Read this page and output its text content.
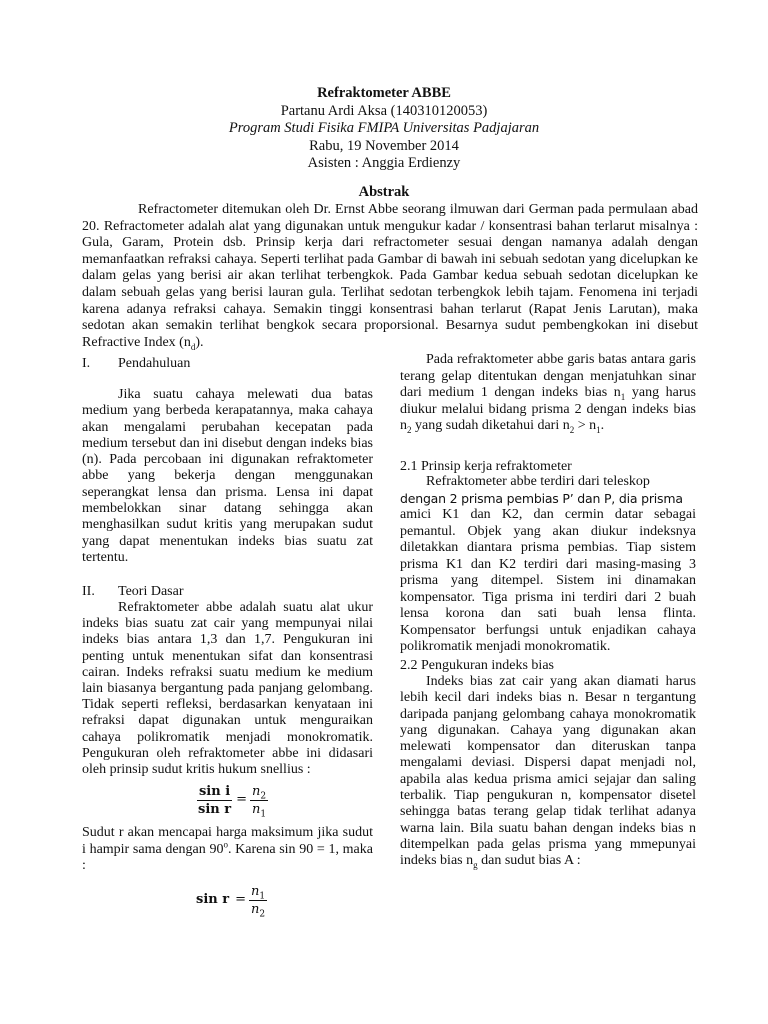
Refraktometer ABBE
Partanu Ardi Aksa (140310120053)
Program Studi Fisika FMIPA Universitas Padjajaran
Rabu, 19 November 2014
Asisten : Anggia Erdienzy
Abstrak

Refractometer ditemukan oleh Dr. Ernst Abbe seorang ilmuwan dari German pada permulaan abad 20. Refractometer adalah alat yang digunakan untuk mengukur kadar / konsentrasi bahan terlarut misalnya : Gula, Garam, Protein dsb. Prinsip kerja dari refractometer sesuai dengan namanya adalah dengan memanfaatkan refraksi cahaya. Seperti terlihat pada Gambar di bawah ini sebuah sedotan yang dicelupkan ke dalam gelas yang berisi air akan terlihat terbengkok. Pada Gambar kedua sebuah sedotan dicelupkan ke dalam sebuah gelas yang berisi lauran gula. Terlihat sedotan terbengkok lebih tajam. Fenomena ini terjadi karena adanya refraksi cahaya. Semakin tinggi konsentrasi bahan terlarut (Rapat Jenis Larutan), maka sedotan akan semakin terlihat bengkok secara proporsional. Besarnya sudut pembengkokan ini disebut Refractive Index $(n_d)$.

I.	Pendahuluan

Jika suatu cahaya melewati dua batas medium yang berbeda kerapatannya, maka cahaya akan mengalami perubahan kecepatan pada medium tersebut dan ini disebut dengan indeks bias (n). Pada percobaan ini digunakan refraktometer abbe yang bekerja dengan menggunakan seperangkat lensa dan prisma. Lensa ini dapat membelokkan sinar datang sehingga akan menghasilkan sudut kritis yang merupakan sudut yang dapat menentukan indeks bias suatu zat tertentu.

II.	Teori Dasar

Refraktometer abbe adalah suatu alat ukur indeks bias suatu zat cair yang mempunyai nilai indeks bias antara 1,3 dan 1,7. Pengukuran ini penting untuk menentukan sifat dan konsentrasi cairan. Indeks refraksi suatu medium ke medium lain biasanya bergantung pada panjang gelombang. Tidak seperti refleksi, berdasarkan kenyataan ini refraksi dapat digunakan untuk menguraikan cahaya polikromatik menjadi monokromatik. Pengukuran oleh refraktometer abbe ini didasari oleh prinsip sudut kritis hukum snellius :

$\frac{\text{sin i}}{\text{sin r}} = \frac{n_2}{n_1}$

Sudut r akan mencapai harga maksimum jika sudut i hampir sama dengan 90$^o$. Karena sin 90 = 1, maka :

$\sin r = \frac{n_1}{n_2}$

Pada refraktometer abbe garis batas antara garis terang gelap ditentukan dengan menjatuhkan sinar dari medium 1 dengan indeks bias $n_1$ yang harus diukur melalui bidang prisma 2 dengan indeks bias $n_2$ yang sudah diketahui dari $n_2 > n_1$.

2.1 Prinsip kerja refraktometer

Refraktometer abbe terdiri dari teleskop

dengan 2 prisma pembias P’ dan P, dia prisma

amici K1 dan K2, dan cermin datar sebagai pemantul. Objek yang akan diukur indeksnya diletakkan diantara prisma pembias. Tiap sistem prisma K1 dan K2 terdiri dari masing-masing 3 prisma yang ditempel. Sistem ini dinamakan kompensator. Tiga prisma ini terdiri dari 2 buah lensa korona dan sati buah lensa flinta. Kompensator berfungsi untuk enjadikan cahaya polikromatik menjadi monokromatik.

2.2 Pengukuran indeks bias

Indeks bias zat cair yang akan diamati harus lebih kecil dari indeks bias n. Besar n tergantung daripada panjang gelombang cahaya monokromatik yang digunakan. Cahaya yang digunakan akan melewati kompensator dan diteruskan tanpa mengalami deviasi. Dispersi dapat menjadi nol, apabila alas kedua prisma amici sejajar dan saling terbalik. Tiap pengukuran n, kompensator disetel sehingga batas terang gelap tidak terlihat adanya warna lain. Bila suatu bahan dengan indeks bias n ditempelkan pada gelas prisma yang mmepunyai indeks bias $n_g$ dan sudut bias A :
